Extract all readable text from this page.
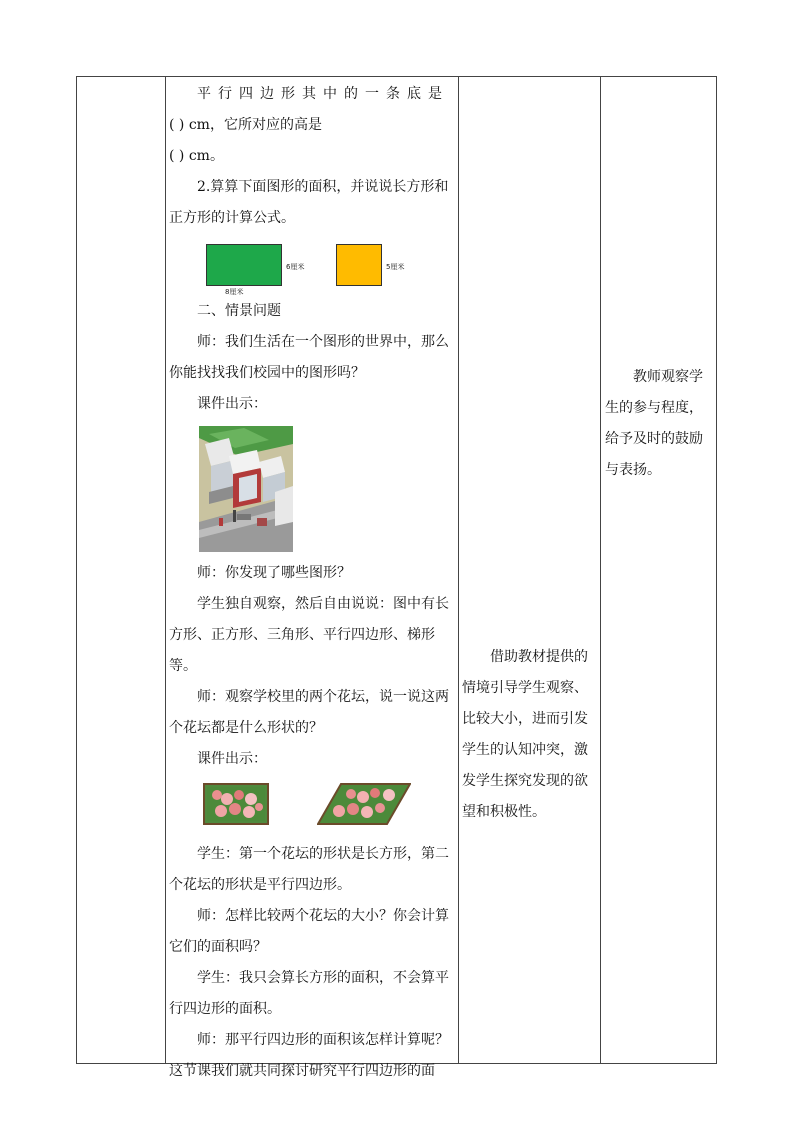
平行四边形其中的一条底是

( ) cm，它所对应的高是

( ) cm。

2.算算下面图形的面积，并说说长方形和

正方形的计算公式。

6厘米
8厘米
5厘米

二、情景问题

师：我们生活在一个图形的世界中，那么

你能找找我们校园中的图形吗？

课件出示：

师：你发现了哪些图形？

学生独自观察，然后自由说说：图中有长

方形、正方形、三角形、平行四边形、梯形等。

师：观察学校里的两个花坛，说一说这两

个花坛都是什么形状的？

课件出示：

学生：第一个花坛的形状是长方形，第二

个花坛的形状是平行四边形。

师：怎样比较两个花坛的大小？你会计算

它们的面积吗？

学生：我只会算长方形的面积，不会算平

行四边形的面积。

师：那平行四边形的面积该怎样计算呢？

这节课我们就共同探讨研究平行四边形的面

借助教材提供的

情境引导学生观察、

比较大小，进而引发

学生的认知冲突，激

发学生探究发现的欲

望和积极性。

教师观察学

生的参与程度，

给予及时的鼓励

与表扬。
